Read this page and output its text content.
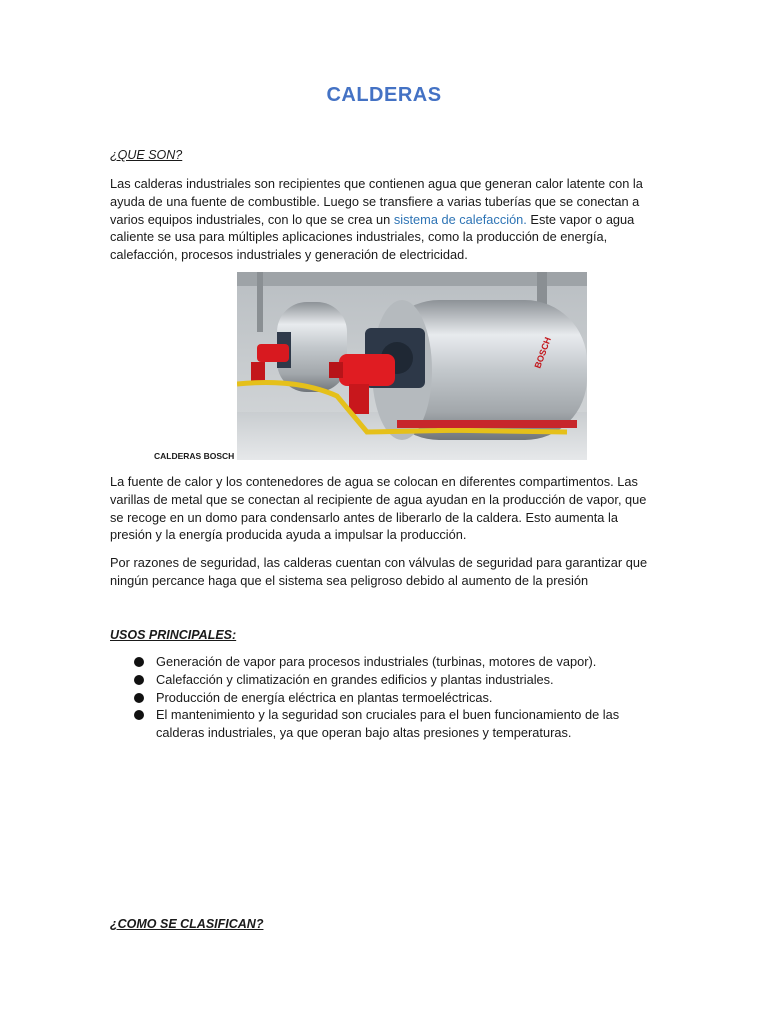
CALDERAS
¿QUE SON?

Las calderas industriales son recipientes que contienen agua que generan calor latente con la ayuda de una fuente de combustible. Luego se transfiere a varias tuberías que se conectan a varios equipos industriales, con lo que se crea un sistema de calefacción. Este vapor o agua caliente se usa para múltiples aplicaciones industriales, como la producción de energía, calefacción, procesos industriales y generación de electricidad.

BOSCH
CALDERAS BOSCH

La fuente de calor y los contenedores de agua se colocan en diferentes compartimentos. Las varillas de metal que se conectan al recipiente de agua ayudan en la producción de vapor, que se recoge en un domo para condensarlo antes de liberarlo de la caldera. Esto aumenta la presión y la energía producida ayuda a impulsar la producción.

Por razones de seguridad, las calderas cuentan con válvulas de seguridad para garantizar que ningún percance haga que el sistema sea peligroso debido al aumento de la presión

USOS PRINCIPALES:
Generación de vapor para procesos industriales (turbinas, motores de vapor).
Calefacción y climatización en grandes edificios y plantas industriales.
Producción de energía eléctrica en plantas termoeléctricas.
El mantenimiento y la seguridad son cruciales para el buen funcionamiento de las calderas industriales, ya que operan bajo altas presiones y temperaturas.
¿COMO SE CLASIFICAN?
